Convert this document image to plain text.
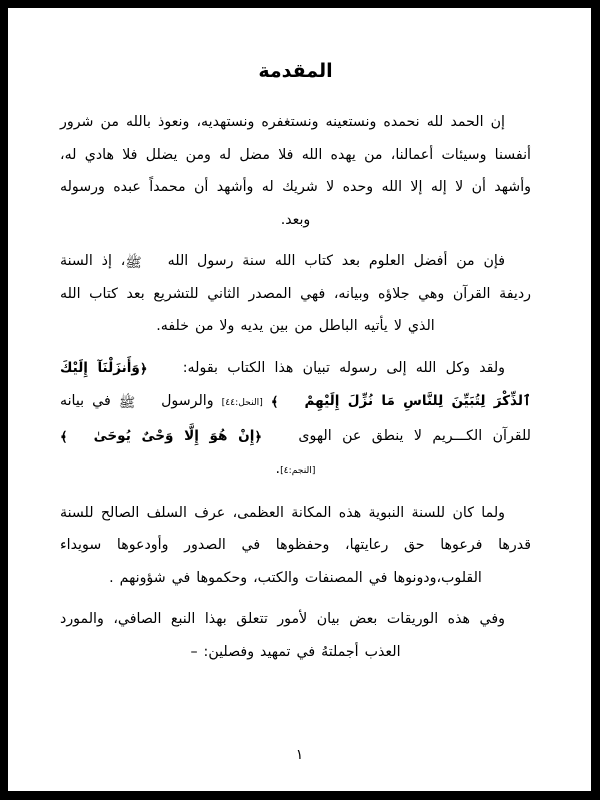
المقدمة

إن الحمد لله نحمده ونستعينه ونستغفره ونستهديه، ونعوذ بالله من شرور أنفسنا وسيئات أعمالنا، من يهده الله فلا مضل له ومن يضلل فلا هادي له، وأشهد أن لا إله إلا الله وحده لا شريك له وأشهد أن محمداً عبده ورسوله وبعد.

فإن من أفضل العلوم بعد كتاب الله سنة رسول اللهﷺ، إذ السنة رديفة القرآن وهي جلاؤه وبيانه، فهي المصدر الثاني للتشريع بعد كتاب الله الذي لا يأتيه الباطل من بين يديه ولا من خلفه.

ولقد وكل الله إلى رسوله تبيان هذا الكتاب بقوله: ﴿وَأَنزَلْنَآ إِلَيْكَ ٱلذِّكْرَ لِتُبَيِّنَ لِلنَّاسِ مَا نُزِّلَ إِلَيْهِمْ﴾ [النحل:٤٤] والرسولﷺ في بيانه للقرآن الكـــريم لا ينطق عن الهوى ﴿إِنْ هُوَ إِلَّا وَحْىٌ يُوحَىٰ﴾ [النجم:٤].

ولما كان للسنة النبوية هذه المكانة العظمى، عرف السلف الصالح للسنة قدرها فرعوها حق رعايتها، وحفظوها في الصدور وأودعوها سويداء القلوب،ودونوها في المصنفات والكتب، وحكموها في شؤونهم .

وفي هذه الوريقات بعض بيان لأمور تتعلق بهذا النبع الصافي، والمورد العذب أجملتهُ في تمهيد وفصلين: –

١
